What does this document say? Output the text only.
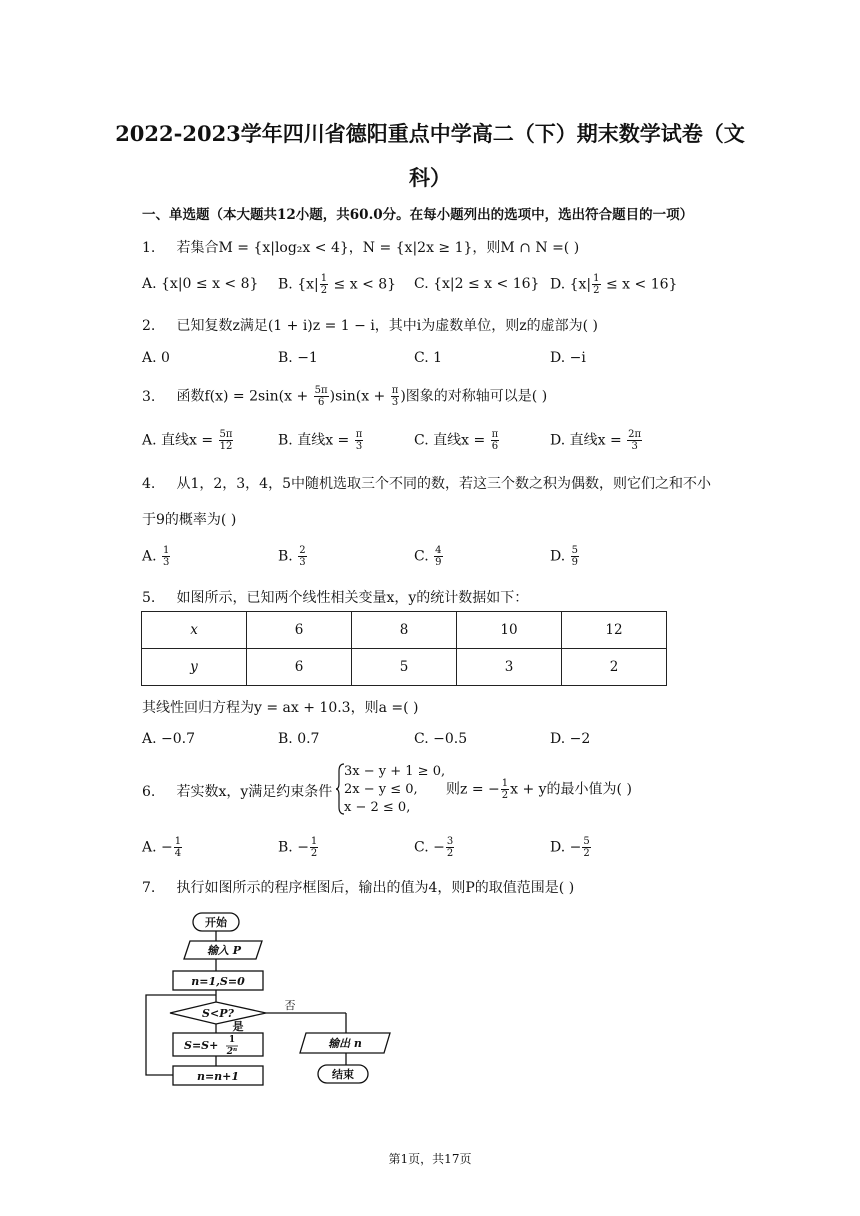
2022-2023学年四川省德阳重点中学高二（下）期末数学试卷（文
科）
一、单选题（本大题共12小题，共60.0分。在每小题列出的选项中，选出符合题目的一项）
1. 若集合M = {x|log₂x < 4}，N = {x|2x ≥ 1}，则M ∩ N =( )
A. {x|0 ≤ x < 8} B. $\{x| \frac{1}{2} \le x < 8\}$ C. {x|2 ≤ x < 16} D. $\{x| \frac{1}{2} \le x < 16\}$
2. 已知复数z满足(1 + i)z = 1 − i，其中i为虚数单位，则z的虚部为( )
A. 0	B. −1	C. 1	D. −i
3. 函数$f(x) = 2\sin(x + \frac{5\pi}{6} )\sin(x + \frac{\pi}{3}$ )图象的对称轴可以是( )
A. 直线$x = \frac{5\pi}{12}$	B. 直线$x = \frac{\pi}{3}$	C. 直线$x = \frac{\pi}{6}$	D. 直线$x = \frac{2\pi}{3}$
4. 从1，2，3，4，5中随机选取三个不同的数，若这三个数之积为偶数，则它们之和不小
于9的概率为( )
A. $\frac{1}{3}$	B. $\frac{2}{3}$	C. $\frac{4}{9}$	D. $\frac{5}{9}$
5. 如图所示，已知两个线性相关变量x，y的统计数据如下：
x	6	8	10	12
y	6	5	3	2
其线性回归方程为y = ax + 10.3，则a =( )
A. −0.7	B. 0.7	C. −0.5	D. −2
6. 若实数x，y满足约束条件
3x − y + 1 ≥ 0,
2x − y ≤ 0,
x − 2 ≤ 0,
则z = − $\frac{1}{2}$ x + y的最小值为( )
A. − $\frac{1}{4}$	B. − $\frac{1}{2}$	C. − $\frac{3}{2}$	D. − $\frac{5}{2}$
7. 执行如图所示的程序框图后，输出的值为4，则P的取值范围是( )
开始
输入 P
n=1,S=0
S<P?
否
是
S=S+ 1
2ⁿ
输出 n
结束
n=n+1
第1页，共17页
